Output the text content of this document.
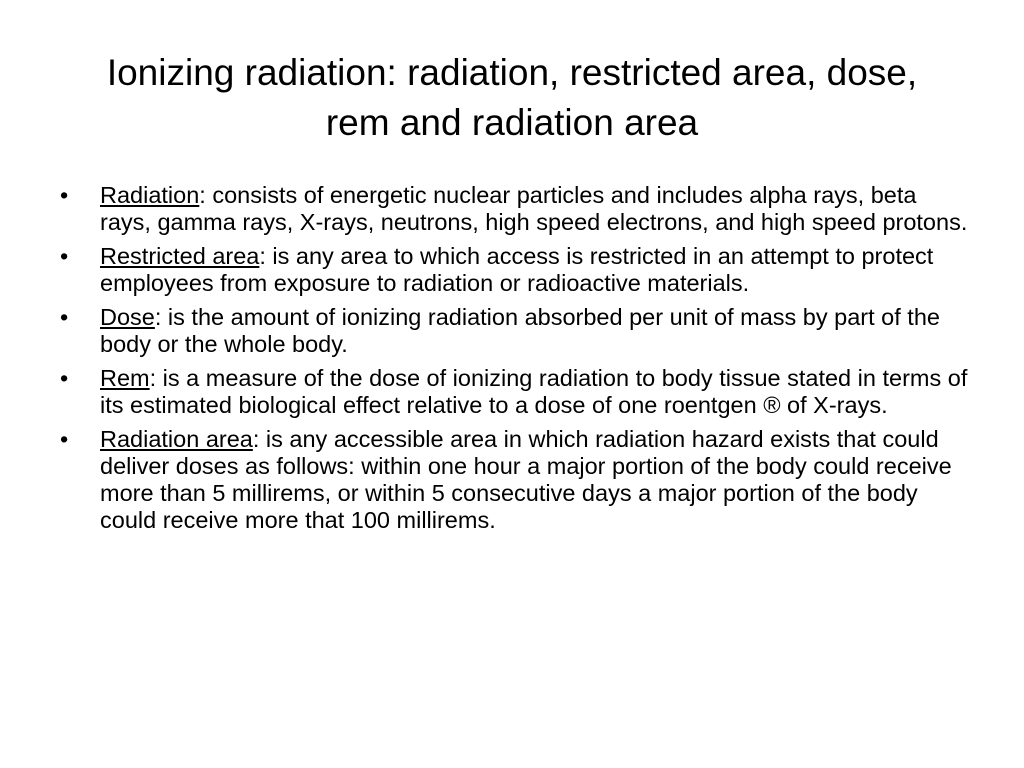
Ionizing radiation: radiation, restricted area, dose,
rem and radiation area
•	Radiation: consists of energetic nuclear particles and includes alpha rays, beta rays, gamma rays, X-rays, neutrons, high speed electrons, and high speed protons.
•	Restricted area: is any area to which access is restricted in an attempt to protect employees from exposure to radiation or radioactive materials.
•	Dose: is the amount of ionizing radiation absorbed per unit of mass by part of the body or the whole body.
•	Rem: is a measure of the dose of ionizing radiation to body tissue stated in terms of its estimated biological effect relative to a dose of one roentgen ® of X-rays.
•	Radiation area: is any accessible area in which radiation hazard exists that could deliver doses as follows: within one hour a major portion of the body could receive more than 5 millirems, or within 5 consecutive days a major portion of the body could receive more that 100 millirems.
